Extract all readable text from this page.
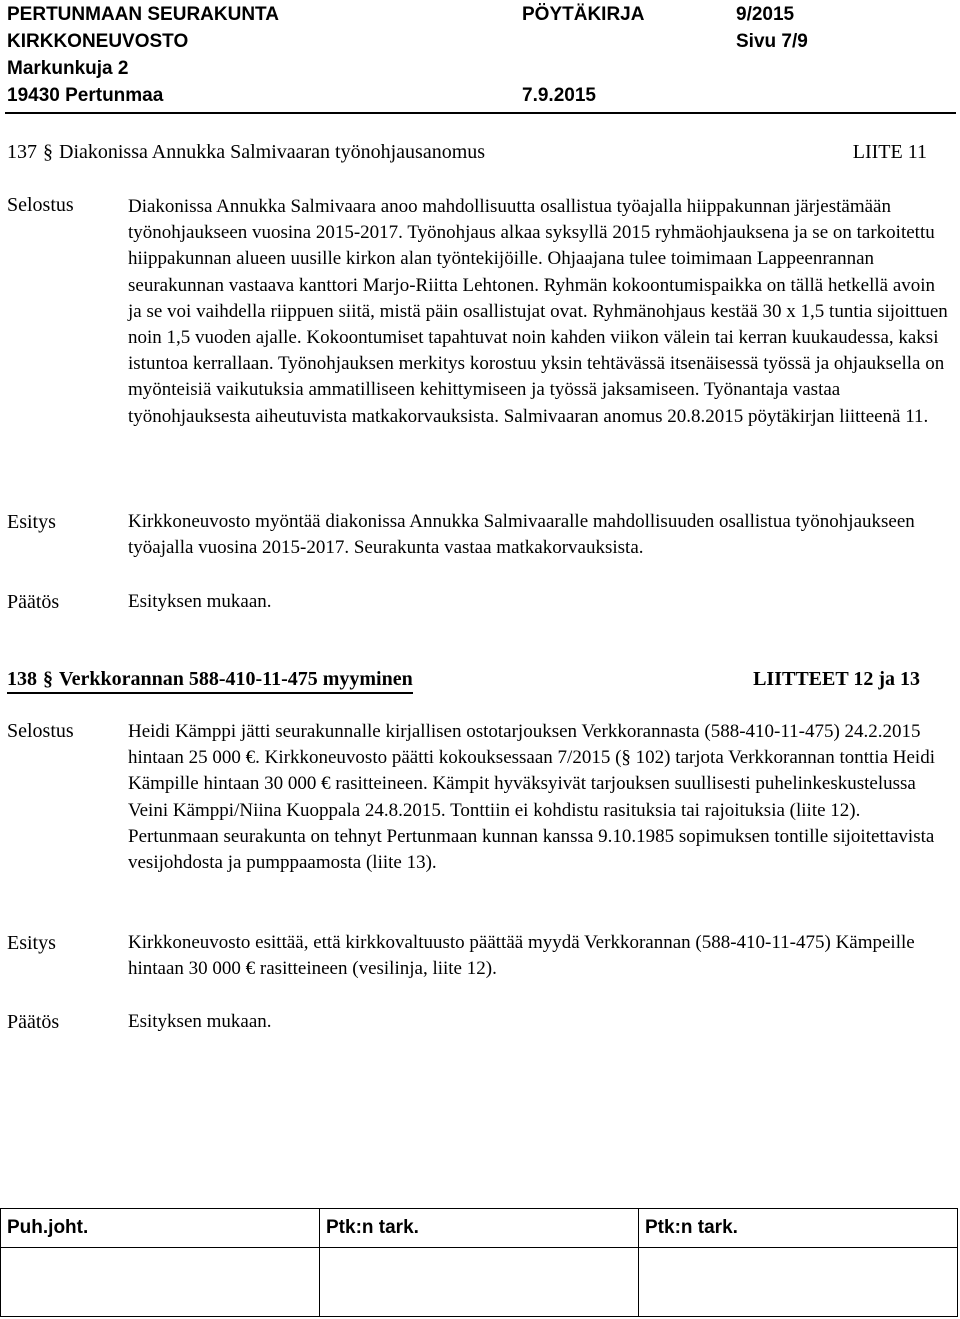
PERTUNMAAN SEURAKUNTA	PÖYTÄKIRJA	9/2015
KIRKKONEUVOSTO	Sivu 7/9
Markunkuja 2
19430 Pertunmaa	7.9.2015
137 § Diakonissa Annukka Salmivaaran työnohjausanomus	LIITE 11
Selostus	Diakonissa Annukka Salmivaara anoo mahdollisuutta osallistua työajalla hiippakunnan järjestämään työnohjaukseen vuosina 2015-2017. Työnohjaus alkaa syksyllä 2015 ryhmäohjauksena ja se on tarkoitettu hiippakunnan alueen uusille kirkon alan työntekijöille. Ohjaajana tulee toimimaan Lappeenrannan seurakunnan vastaava kanttori Marjo-Riitta Lehtonen. Ryhmän kokoontumispaikka on tällä hetkellä avoin ja se voi vaihdella riippuen siitä, mistä päin osallistujat ovat. Ryhmänohjaus kestää 30 x 1,5 tuntia sijoittuen noin 1,5 vuoden ajalle. Kokoontumiset tapahtuvat noin kahden viikon välein tai kerran kuukaudessa, kaksi istuntoa kerrallaan. Työnohjauksen merkitys korostuu yksin tehtävässä itsenäisessä työssä ja ohjauksella on myönteisiä vaikutuksia ammatilliseen kehittymiseen ja työssä jaksamiseen. Työnantaja vastaa työnohjauksesta aiheutuvista matkakorvauksista. Salmivaaran anomus 20.8.2015 pöytäkirjan liitteenä 11.

Esitys	Kirkkoneuvosto myöntää diakonissa Annukka Salmivaaralle mahdollisuuden osallistua työnohjaukseen työajalla vuosina 2015-2017. Seurakunta vastaa matkakorvauksista.

Päätös	Esityksen mukaan.

138 § Verkkorannan 588-410-11-475 myyminen	LIITTEET 12 ja 13
Selostus	Heidi Kämppi jätti seurakunnalle kirjallisen ostotarjouksen Verkkorannasta (588-410-11-475) 24.2.2015 hintaan 25 000 €. Kirkkoneuvosto päätti kokouksessaan 7/2015 (§ 102) tarjota Verkkorannan tonttia Heidi Kämpille hintaan 30 000 € rasitteineen. Kämpit hyväksyivät tarjouksen suullisesti puhelinkeskustelussa Veini Kämppi/Niina Kuoppala 24.8.2015. Tonttiin ei kohdistu rasituksia tai rajoituksia (liite 12). Pertunmaan seurakunta on tehnyt Pertunmaan kunnan kanssa 9.10.1985 sopimuksen tontille sijoitettavista vesijohdosta ja pumppaamosta (liite 13).

Esitys	Kirkkoneuvosto esittää, että kirkkovaltuusto päättää myydä Verkkorannan (588-410-11-475) Kämpeille hintaan 30 000 € rasitteineen (vesilinja, liite 12).

Päätös	Esityksen mukaan.

Puh.joht.	Ptk:n tark.	Ptk:n tark.
